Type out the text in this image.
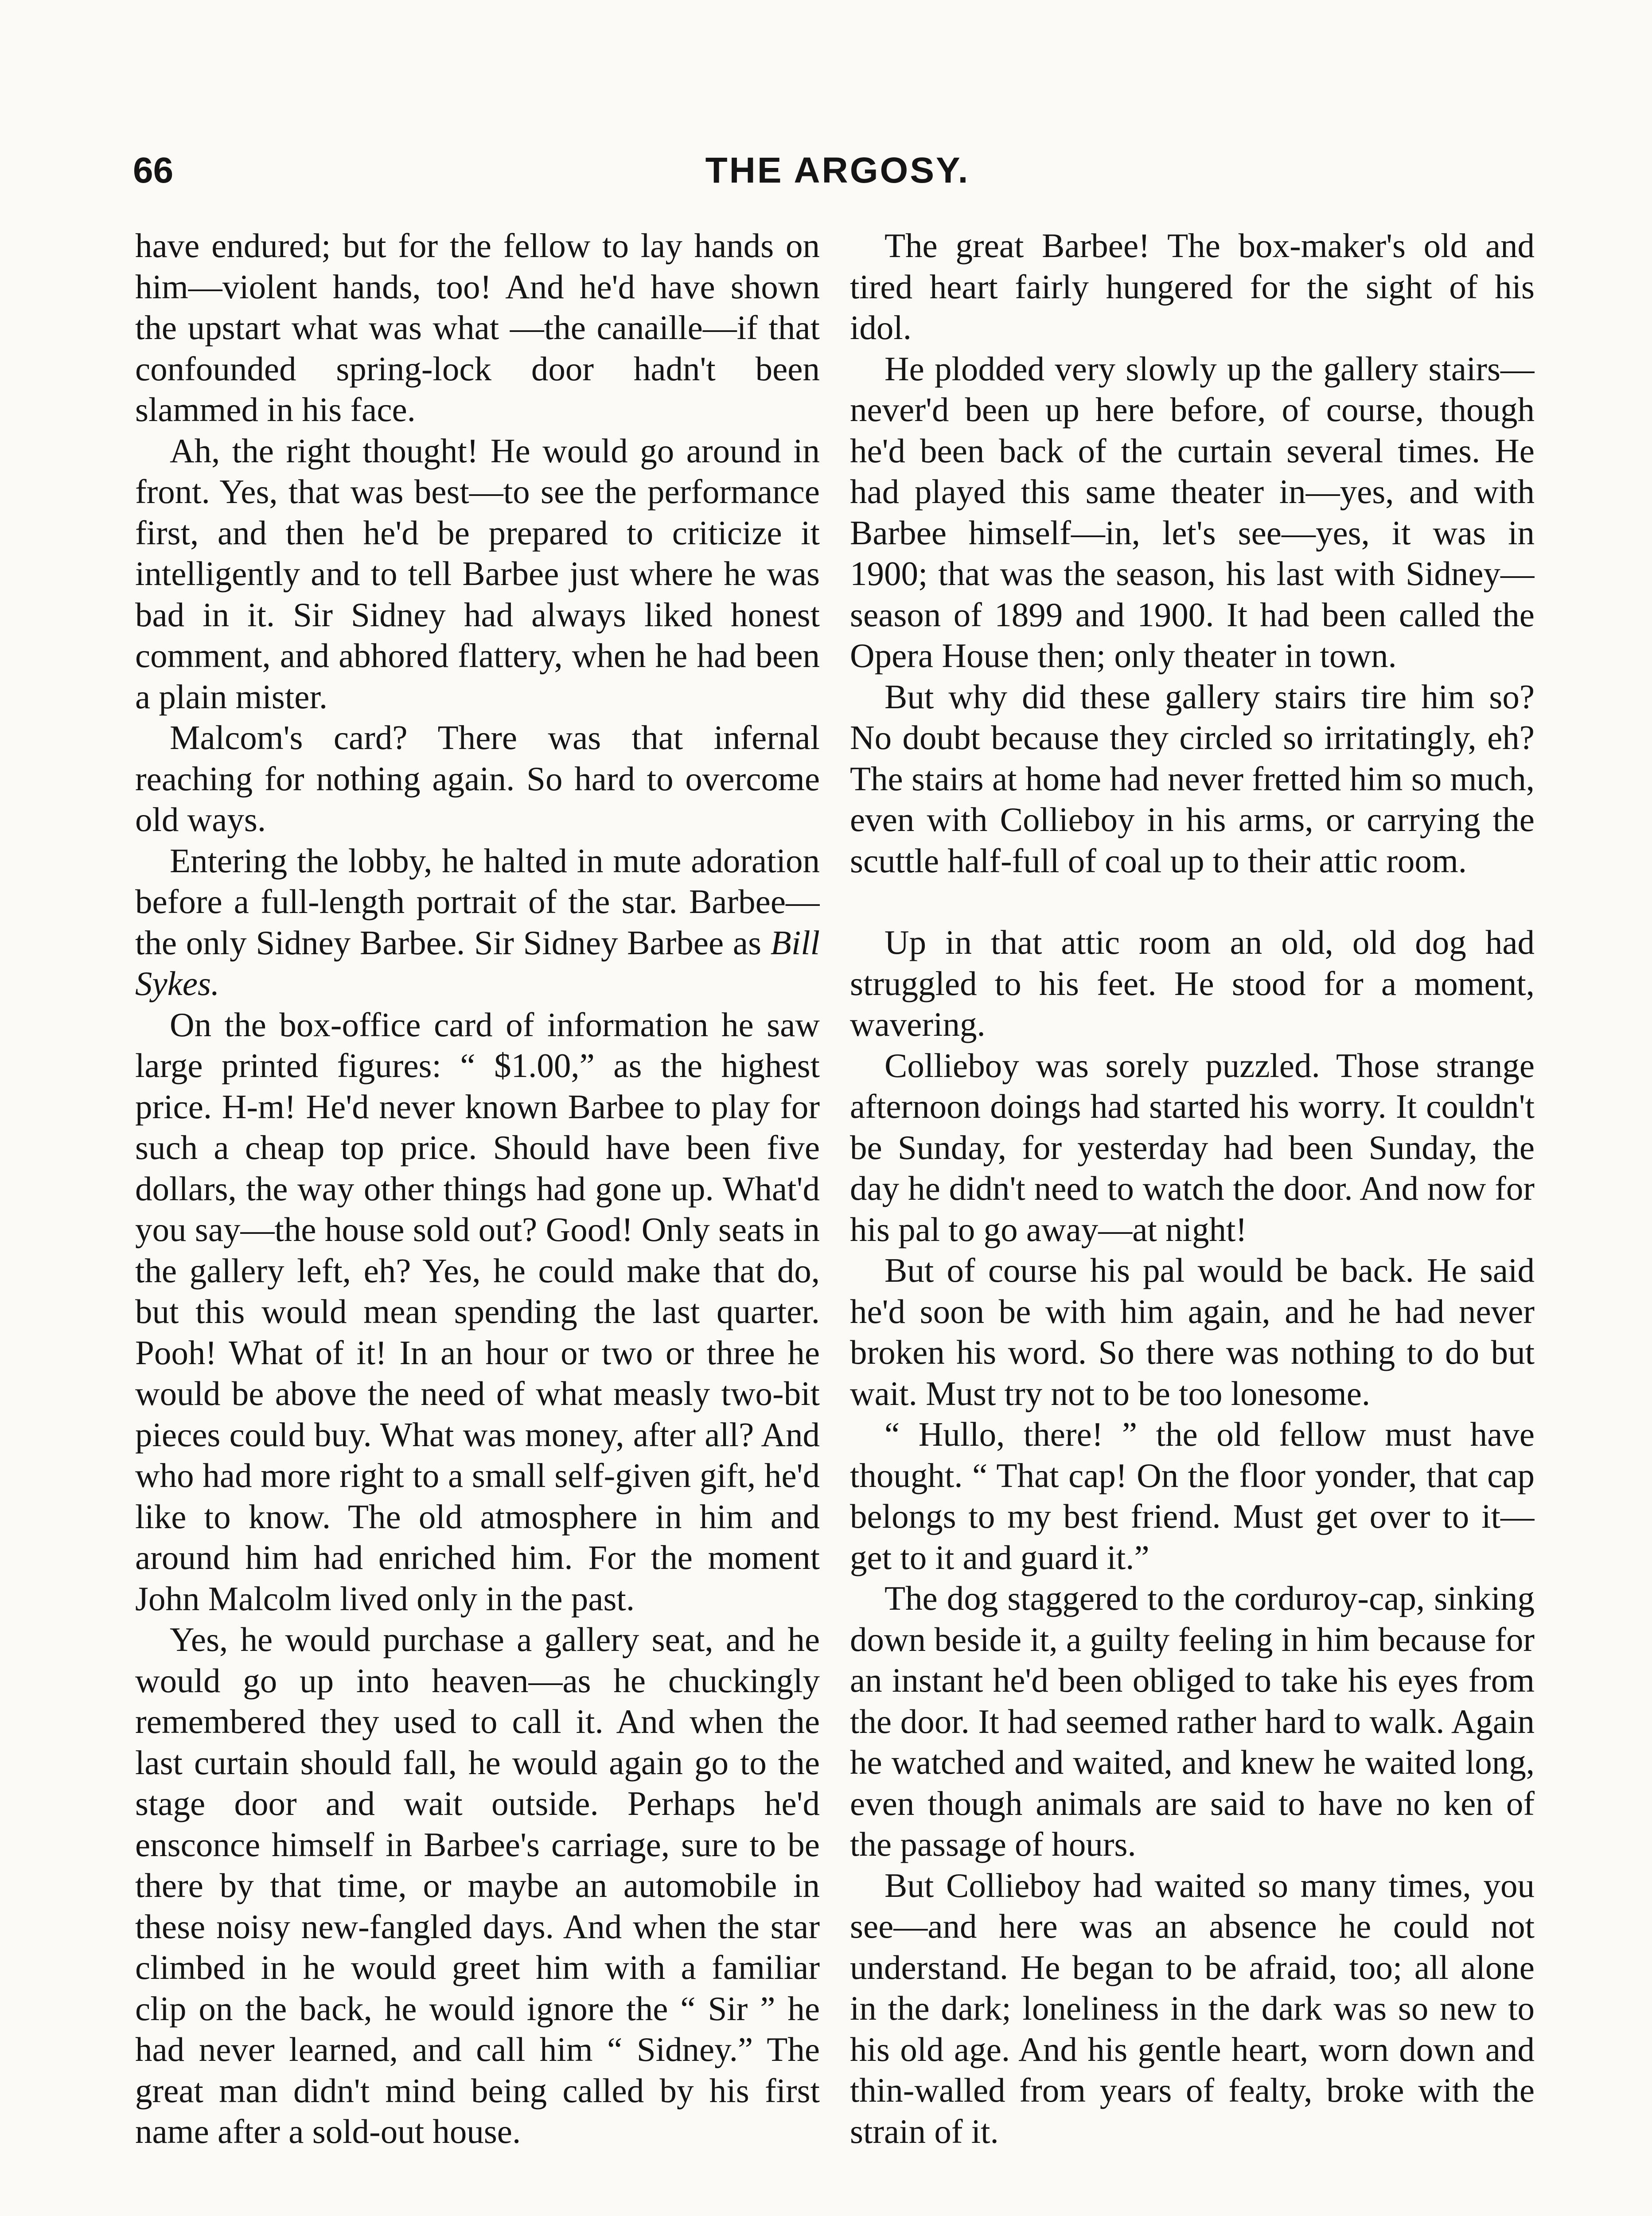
66	THE ARGOSY.

have endured; but for the fellow to lay hands on him—violent hands, too! And he'd have shown the upstart what was what —the canaille—if that confounded spring-lock door hadn't been slammed in his face.

Ah, the right thought! He would go around in front. Yes, that was best—to see the performance first, and then he'd be prepared to criticize it intelligently and to tell Barbee just where he was bad in it. Sir Sidney had always liked honest comment, and abhored flattery, when he had been a plain mister.

Malcom's card? There was that infernal reaching for nothing again. So hard to overcome old ways.

Entering the lobby, he halted in mute adoration before a full-length portrait of the star. Barbee—the only Sidney Barbee. Sir Sidney Barbee as Bill Sykes.

On the box-office card of information he saw large printed figures: “ $1.00,” as the highest price. H-m! He'd never known Barbee to play for such a cheap top price. Should have been five dollars, the way other things had gone up. What'd you say—the house sold out? Good! Only seats in the gallery left, eh? Yes, he could make that do, but this would mean spending the last quarter. Pooh! What of it! In an hour or two or three he would be above the need of what measly two-bit pieces could buy. What was money, after all? And who had more right to a small self-given gift, he'd like to know. The old atmosphere in him and around him had enriched him. For the moment John Malcolm lived only in the past.

Yes, he would purchase a gallery seat, and he would go up into heaven—as he chuckingly remembered they used to call it. And when the last curtain should fall, he would again go to the stage door and wait outside. Perhaps he'd ensconce himself in Barbee's carriage, sure to be there by that time, or maybe an automobile in these noisy new-fangled days. And when the star climbed in he would greet him with a familiar clip on the back, he would ignore the “ Sir ” he had never learned, and call him “ Sidney.” The great man didn't mind being called by his first name after a sold-out house.

The great Barbee! The box-maker's old and tired heart fairly hungered for the sight of his idol.

He plodded very slowly up the gallery stairs—never'd been up here before, of course, though he'd been back of the curtain several times. He had played this same theater in—yes, and with Barbee himself—in, let's see—yes, it was in 1900; that was the season, his last with Sidney—season of 1899 and 1900. It had been called the Opera House then; only theater in town.

But why did these gallery stairs tire him so? No doubt because they circled so irritatingly, eh? The stairs at home had never fretted him so much, even with Collieboy in his arms, or carrying the scuttle half-full of coal up to their attic room.

Up in that attic room an old, old dog had struggled to his feet. He stood for a moment, wavering.

Collieboy was sorely puzzled. Those strange afternoon doings had started his worry. It couldn't be Sunday, for yesterday had been Sunday, the day he didn't need to watch the door. And now for his pal to go away—at night!

But of course his pal would be back. He said he'd soon be with him again, and he had never broken his word. So there was nothing to do but wait. Must try not to be too lonesome.

“ Hullo, there! ” the old fellow must have thought. “ That cap! On the floor yonder, that cap belongs to my best friend. Must get over to it—get to it and guard it.”

The dog staggered to the corduroy-cap, sinking down beside it, a guilty feeling in him because for an instant he'd been obliged to take his eyes from the door. It had seemed rather hard to walk. Again he watched and waited, and knew he waited long, even though animals are said to have no ken of the passage of hours.

But Collieboy had waited so many times, you see—and here was an absence he could not understand. He began to be afraid, too; all alone in the dark; loneliness in the dark was so new to his old age. And his gentle heart, worn down and thin-walled from years of fealty, broke with the strain of it.
